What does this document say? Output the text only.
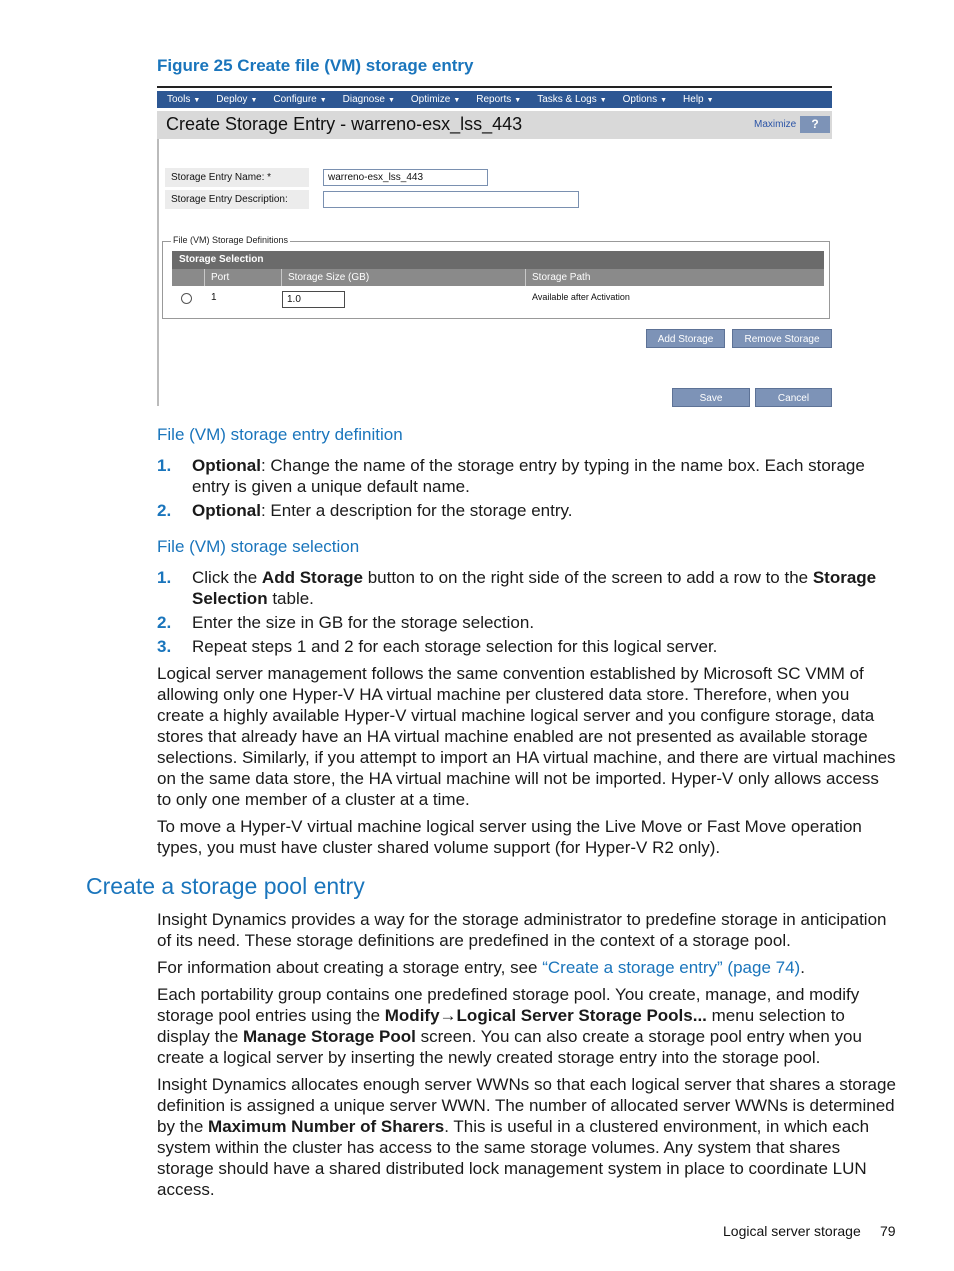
Figure 25 Create file (VM) storage entry
Tools ▼ Deploy ▼ Configure ▼ Diagnose ▼ Optimize ▼ Reports ▼ Tasks & Logs ▼ Options ▼ Help ▼
Create Storage Entry - warreno-esx_lss_443	Maximize	?
Storage Entry Name: *	warreno-esx_lss_443
Storage Entry Description:
File (VM) Storage Definitions
Storage Selection
Port	Storage Size (GB)	Storage Path
1	1.0	Available after Activation
Add Storage	Remove Storage
Save	Cancel
File (VM) storage entry definition
1. Optional: Change the name of the storage entry by typing in the name box. Each storage entry is given a unique default name.
2. Optional: Enter a description for the storage entry.
File (VM) storage selection
1. Click the Add Storage button to on the right side of the screen to add a row to the Storage Selection table.
2. Enter the size in GB for the storage selection.
3. Repeat steps 1 and 2 for each storage selection for this logical server.
Logical server management follows the same convention established by Microsoft SC VMM of allowing only one Hyper-V HA virtual machine per clustered data store. Therefore, when you create a highly available Hyper-V virtual machine logical server and you configure storage, data stores that already have an HA virtual machine enabled are not presented as available storage selections. Similarly, if you attempt to import an HA virtual machine, and there are virtual machines on the same data store, the HA virtual machine will not be imported. Hyper-V only allows access to only one member of a cluster at a time.
To move a Hyper-V virtual machine logical server using the Live Move or Fast Move operation types, you must have cluster shared volume support (for Hyper-V R2 only).
Create a storage pool entry
Insight Dynamics provides a way for the storage administrator to predefine storage in anticipation of its need. These storage definitions are predefined in the context of a storage pool.
For information about creating a storage entry, see “Create a storage entry” (page 74).
Each portability group contains one predefined storage pool. You create, manage, and modify storage pool entries using the Modify→Logical Server Storage Pools... menu selection to display the Manage Storage Pool screen. You can also create a storage pool entry when you create a logical server by inserting the newly created storage entry into the storage pool.
Insight Dynamics allocates enough server WWNs so that each logical server that shares a storage definition is assigned a unique server WWN. The number of allocated server WWNs is determined by the Maximum Number of Sharers. This is useful in a clustered environment, in which each system within the cluster has access to the same storage volumes. Any system that shares storage should have a shared distributed lock management system in place to coordinate LUN access.
Logical server storage 79
